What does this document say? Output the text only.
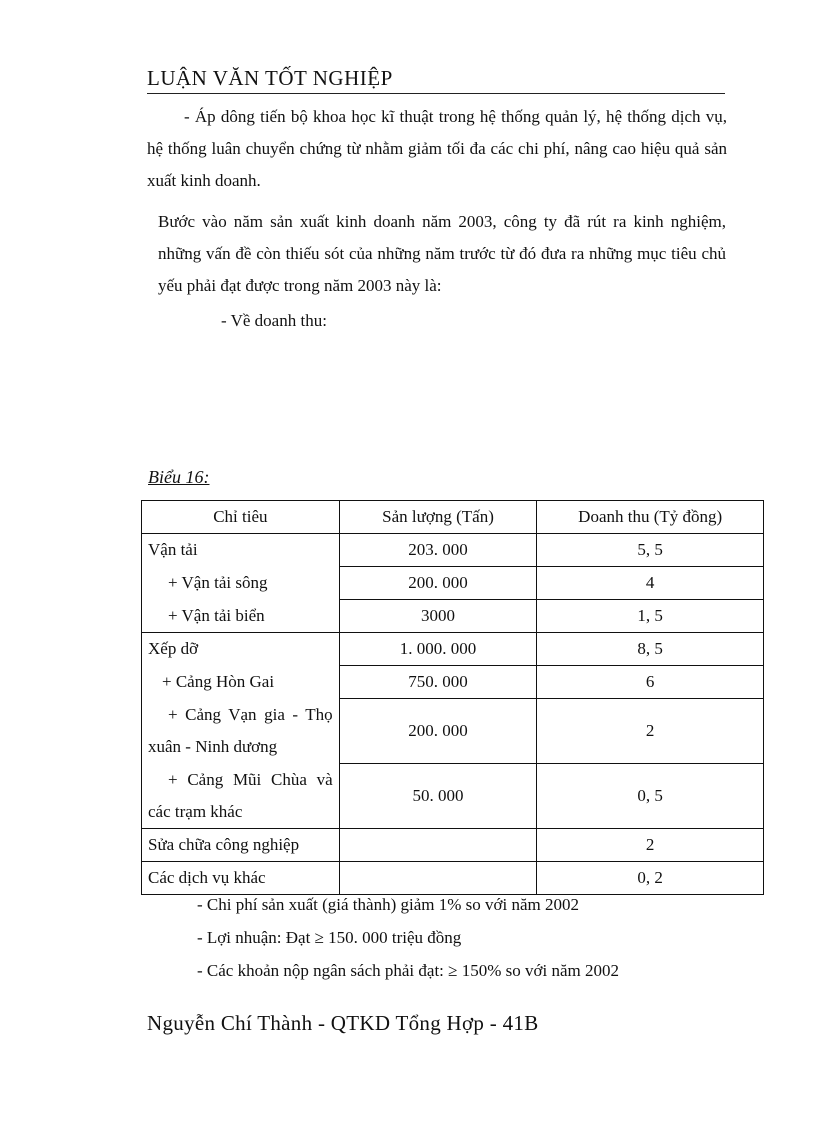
LUẬN VĂN TỐT NGHIỆP

- Áp dông tiến bộ khoa học kĩ thuật trong hệ thống quản lý, hệ thống dịch vụ, hệ thống luân chuyển chứng từ nhằm giảm tối đa các chi phí, nâng cao hiệu quả sản xuất kinh doanh.

Bước vào năm sản xuất kinh doanh năm 2003, công ty đã rút ra kinh nghiệm, những vấn đề còn thiếu sót của những năm trước từ đó đưa ra những mục tiêu chủ yếu phải đạt được trong năm 2003 này là:

- Về doanh thu:
Biểu 16:
Chỉ tiêu	Sản lượng (Tấn)	Doanh thu (Tỷ đồng)
Vận tải	203. 000	5, 5
+ Vận tải sông	200. 000	4
+ Vận tải biển	3000	1, 5
Xếp dỡ	1. 000. 000	8, 5
+ Cảng Hòn Gai	750. 000	6

+ Cảng Vạn gia - Thọ xuân - Ninh dương	200. 000	2

+ Cảng Mũi Chùa và các trạm khác	50. 000	0, 5
Sửa chữa công nghiệp		2
Các dịch vụ khác		0, 2
- Chi phí sản xuất (giá thành) giảm 1% so với năm 2002
- Lợi nhuận: Đạt ≥ 150. 000 triệu đồng
- Các khoản nộp ngân sách phải đạt: ≥ 150% so với năm 2002
Nguyễn Chí Thành - QTKD Tổng Hợp - 41B
